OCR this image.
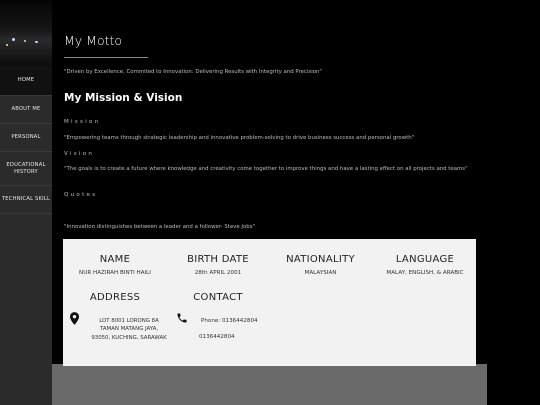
HOME
ABOUT ME
PERSONAL
EDUCATIONAL HISTORY
TECHNICAL SKILL
My Motto

"Driven by Excellence, Commited to Innovation: Delivering Results with Integrity and Precision"

My Mission & Vision
Mission

"Empowering teams through strategic leadership and innovative problem-solving to drive business success and personal growth"

Vision

"The goals is to create a future where knowledge and creativity come together to improve things and have a lasting effect on all projects and teams"

Quotes

"Innovation distinguishes between a leader and a follower- Steve Jobs"

NAME
NUR HAZIRAH BINTI HAILI
BIRTH DATE
28th APRIL 2001
NATIONALITY
MALAYSIAN
LANGUAGE
MALAY, ENGLISH, & ARABIC
ADDRESS
LOT 8001 LORONG 8A TAMAN MATANG JAYA, 93050, KUCHING, SARAWAK
CONTACT
Phone: 0136442804
0136442804
